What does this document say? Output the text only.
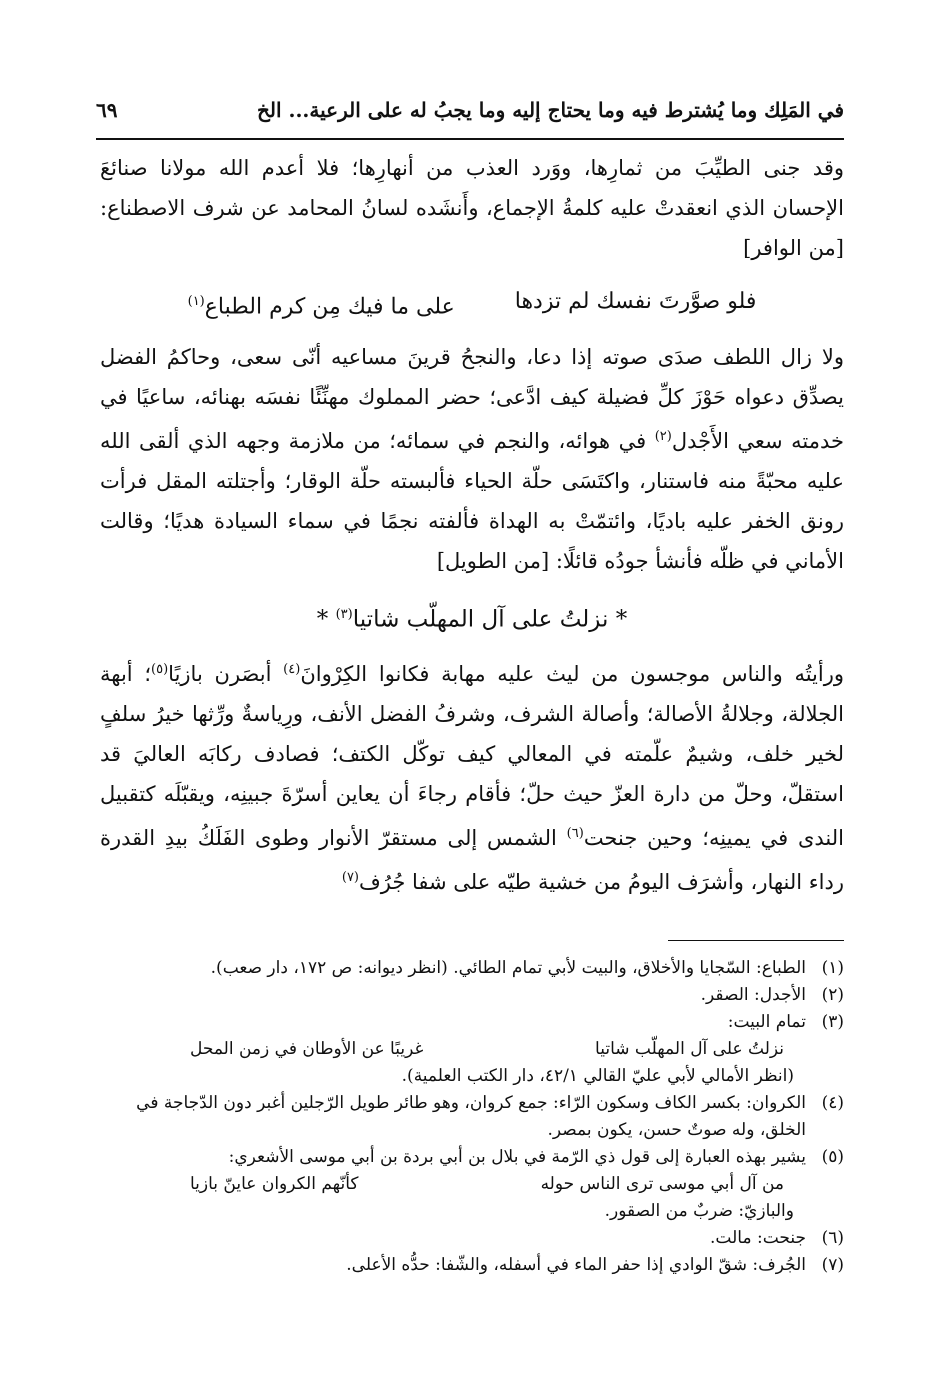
في المَلِك وما يُشترط فيه وما يحتاج إليه وما يجبُ له على الرعية... الخ
٦٩

وقد جنى الطيِّبَ من ثمارِها، ووَرد العذب من أنهارِها؛ فلا أعدم الله مولانا صنائعَ الإحسان الذي انعقدتْ عليه كلمةُ الإجماع، وأَنشَده لسانُ المحامد عن شرف الاصطناع: [من الوافر]

فلو صوَّرتَ نفسك لم تزدها
على ما فيك مِن كرم الطباع$^{(١)}$

ولا زال اللطف صدَى صوته إذا دعا، والنجحُ قرينَ مساعيه أنّى سعى، وحاكمُ الفضل يصدِّق دعواه حَوْزَ كلِّ فضيلة كيف ادَّعى؛ حضر المملوك مهنِّئًا نفسَه بهنائه، ساعيًا في خدمته سعي الأَجْدل$^{(٢)}$ في هوائه، والنجم في سمائه؛ من ملازمة وجهه الذي ألقى الله عليه محبّةً منه فاستنار، واكتَسَى حلّة الحياء فألبسته حلّة الوقار؛ وأجتلته المقل فرأت رونق الخفر عليه باديًا، وائتمّتْ به الهداة فألفته نجمًا في سماء السيادة هديًا؛ وقالت الأماني في ظلّه فأنشأ جودُه قائلًا: [من الطويل]

* نزلتُ على آل المهلّب شاتيا$^{(٣)}$ *

ورأيتُه والناس موجسون من ليث عليه مهابة فكانوا الكِرْوانَ$^{(٤)}$ أبصَرن بازيًا$^{(٥)}$؛ أبهة الجلالة، وجلالةُ الأصالة؛ وأصالة الشرف، وشرفُ الفضل الأنف، ورِياسةٌ ورِّثها خيرُ سلفٍ لخير خلف، وشيمٌ علّمته في المعالي كيف توكّل الكتف؛ فصادف ركابَه العاليَ قد استقلّ، وحلّ من دارة العزّ حيث حلّ؛ فأقام رجاءَ أن يعاين أسرّةَ جبينِه، ويقبّلَه كتقبيل الندى في يمينِه؛ وحين جنحت$^{(٦)}$ الشمس إلى مستقرّ الأنوار وطوى الفَلَكُ بيدِ القدرة رداء النهار، وأشرَف اليومُ من خشية طيّه على شفا جُرُف$^{(٧)}$

(١)
الطباع: السّجايا والأخلاق، والبيت لأبي تمام الطائي. (انظر ديوانه: ص ١٧٢، دار صعب).
(٢)
الأجدل: الصقر.
(٣)
تمام البيت:
نزلتُ على آل المهلّب شاتيا
غريبًا عن الأوطان في زمن المحل
(انظر الأمالي لأبي عليّ القالي ٤٢/١، دار الكتب العلمية).
(٤)
الكروان: بكسر الكاف وسكون الرّاء: جمع كروان، وهو طائر طويل الرّجلين أغبر دون الدّجاجة في الخلق، وله صوتٌ حسن، يكون بمصر.
(٥)
يشير بهذه العبارة إلى قول ذي الرّمة في بلال بن أبي بردة بن أبي موسى الأشعري:
من آل أبي موسى ترى الناس حوله
كأنّهم الكروان عاينّ بازيا
والبازيّ: ضربٌ من الصقور.
(٦)
جنحت: مالت.
(٧)
الجُرف: شقّ الوادي إذا حفر الماء في أسفله، والشّفا: حدُّه الأعلى.
